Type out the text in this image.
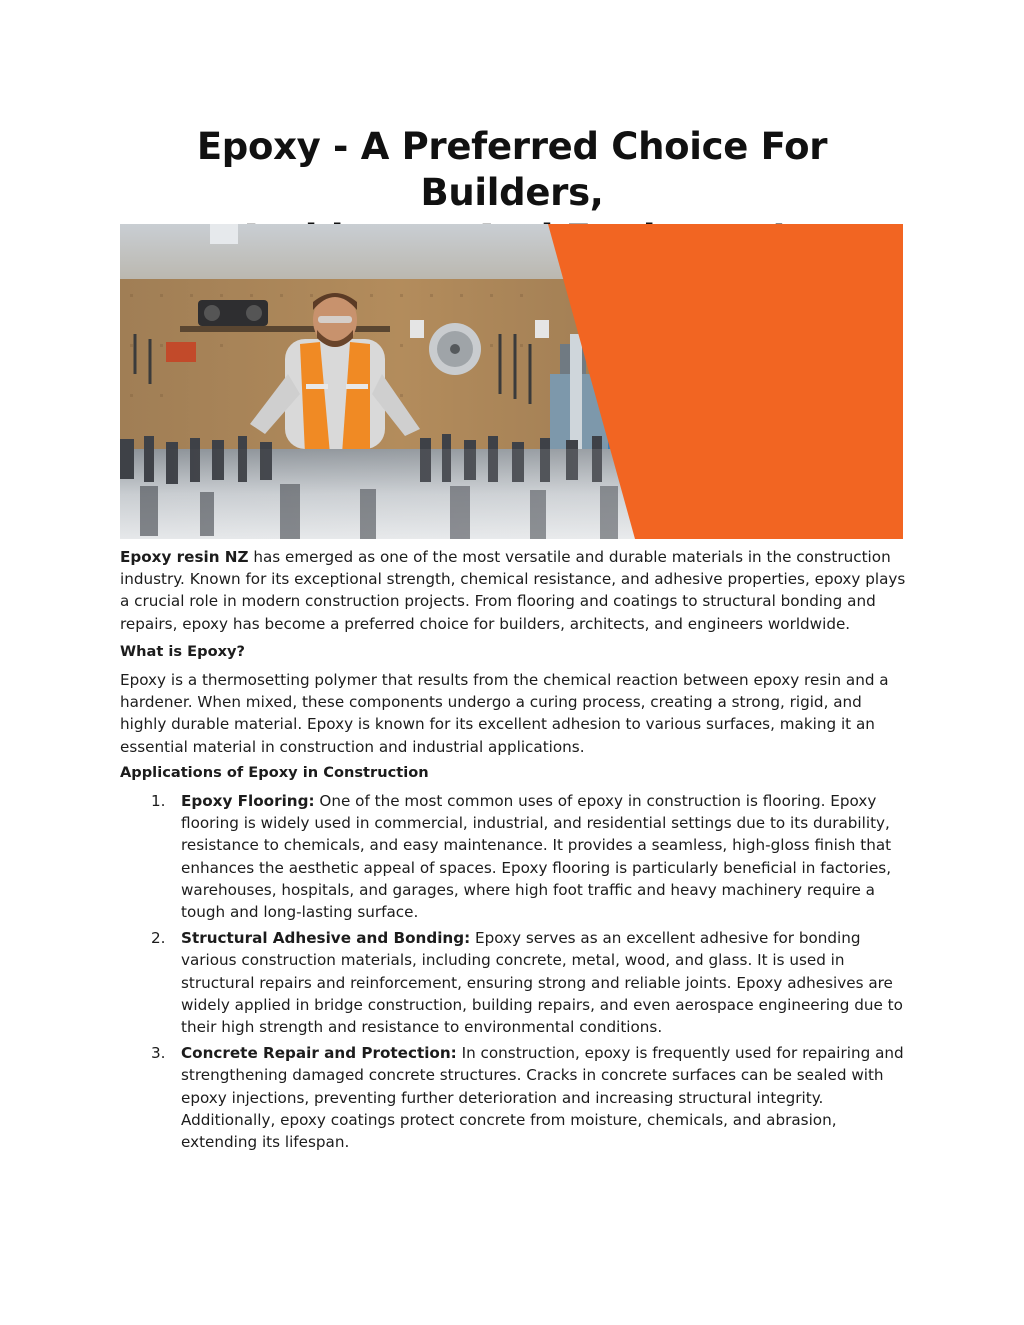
Epoxy - A Preferred Choice For Builders,

Epoxy resin NZ has emerged as one of the most versatile and durable materials in the construction industry. Known for its exceptional strength, chemical resistance, and adhesive properties, epoxy plays a crucial role in modern construction projects. From flooring and coatings to structural bonding and repairs, epoxy has become a preferred choice for builders, architects, and engineers worldwide.

What is Epoxy?

Epoxy is a thermosetting polymer that results from the chemical reaction between epoxy resin and a hardener. When mixed, these components undergo a curing process, creating a strong, rigid, and highly durable material. Epoxy is known for its excellent adhesion to various surfaces, making it an essential material in construction and industrial applications.

Applications of Epoxy in Construction

1. Epoxy Flooring: One of the most common uses of epoxy in construction is flooring. Epoxy flooring is widely used in commercial, industrial, and residential settings due to its durability, resistance to chemicals, and easy maintenance. It provides a seamless, high-gloss finish that enhances the aesthetic appeal of spaces. Epoxy flooring is particularly beneficial in factories, warehouses, hospitals, and garages, where high foot traffic and heavy machinery require a tough and long-lasting surface.
2. Structural Adhesive and Bonding: Epoxy serves as an excellent adhesive for bonding various construction materials, including concrete, metal, wood, and glass. It is used in structural repairs and reinforcement, ensuring strong and reliable joints. Epoxy adhesives are widely applied in bridge construction, building repairs, and even aerospace engineering due to their high strength and resistance to environmental conditions.
3. Concrete Repair and Protection: In construction, epoxy is frequently used for repairing and strengthening damaged concrete structures. Cracks in concrete surfaces can be sealed with epoxy injections, preventing further deterioration and increasing structural integrity. Additionally, epoxy coatings protect concrete from moisture, chemicals, and abrasion, extending its lifespan.
